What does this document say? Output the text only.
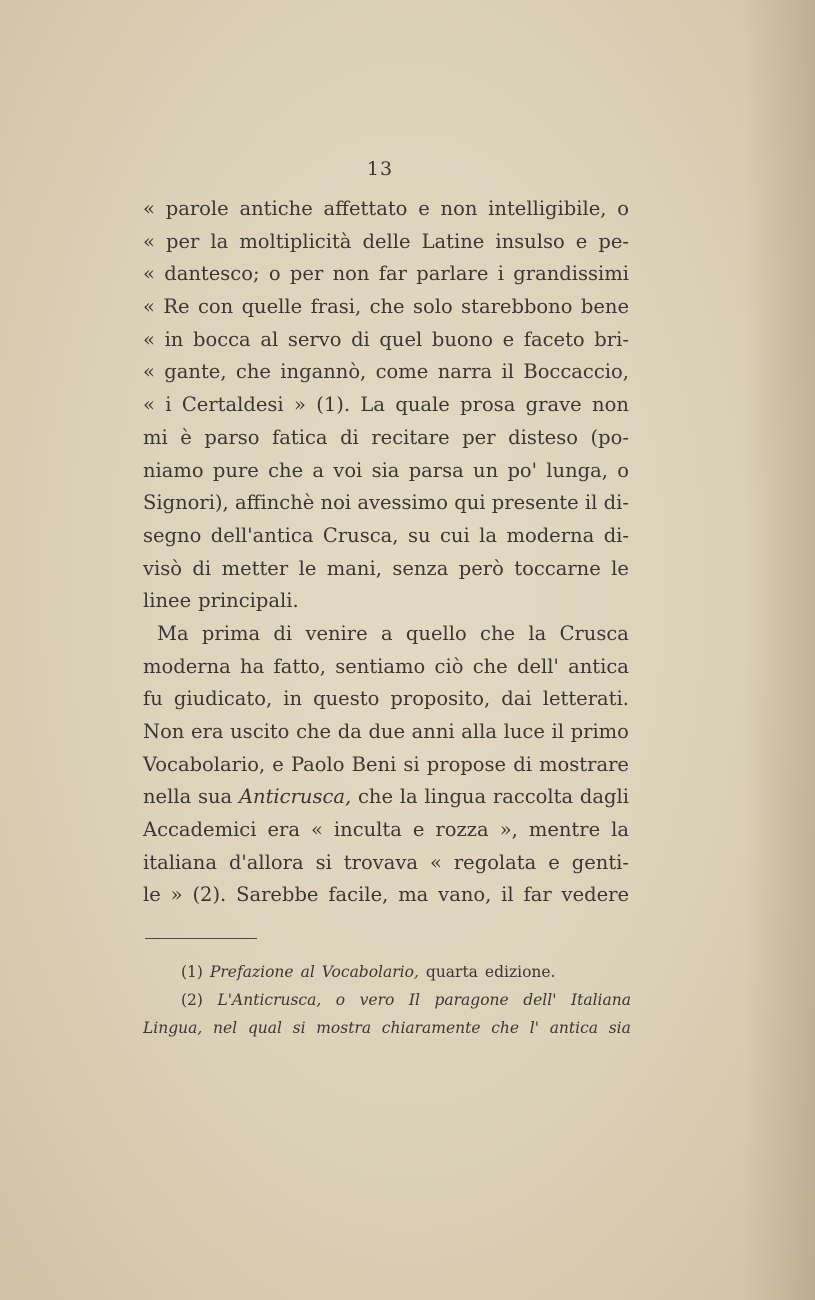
13
« parole antiche affettato e non intelligibile, o
« per la moltiplicità delle Latine insulso e pe-
« dantesco; o per non far parlare i grandissimi
« Re con quelle frasi, che solo starebbono bene
« in bocca al servo di quel buono e faceto bri-
« gante, che ingannò, come narra il Boccaccio,
« i Certaldesi » (1). La quale prosa grave non
mi è parso fatica di recitare per disteso (po-
niamo pure che a voi sia parsa un po' lunga, o
Signori), affinchè noi avessimo qui presente il di-
segno dell'antica Crusca, su cui la moderna di-
visò di metter le mani, senza però toccarne le
linee principali.
Ma prima di venire a quello che la Crusca
moderna ha fatto, sentiamo ciò che dell' antica
fu giudicato, in questo proposito, dai letterati.
Non era uscito che da due anni alla luce il primo
Vocabolario, e Paolo Beni si propose di mostrare
nella sua Anticrusca, che la lingua raccolta dagli
Accademici era « inculta e rozza », mentre la
italiana d'allora si trovava « regolata e genti-
le » (2). Sarebbe facile, ma vano, il far vedere
(1) Prefazione al Vocabolario, quarta edizione.
(2) L'Anticrusca, o vero Il paragone dell' Italiana
Lingua, nel qual si mostra chiaramente che l' antica sia
